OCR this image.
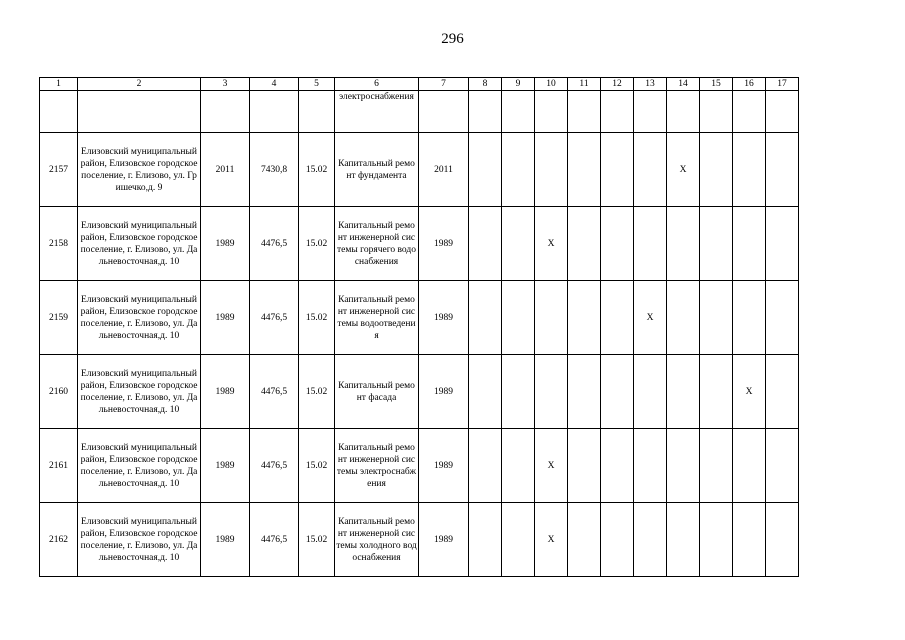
296
1	2	3	4	5	6	7	8	9	10	11	12	13	14	15	16	17
					электроснабжения											
2157	Елизовский муниципальный район, Елизовское городское поселение, г. Елизово, ул. Гришечко,д. 9	2011	7430,8	15.02	Капитальный ремонт фундамента	2011							X			
2158	Елизовский муниципальный район, Елизовское городское поселение, г. Елизово, ул. Дальневосточная,д. 10	1989	4476,5	15.02	Капитальный ремонт инженерной системы горячего водоснабжения	1989			X							
2159	Елизовский муниципальный район, Елизовское городское поселение, г. Елизово, ул. Дальневосточная,д. 10	1989	4476,5	15.02	Капитальный ремонт инженерной системы водоотведения	1989						X				
2160	Елизовский муниципальный район, Елизовское городское поселение, г. Елизово, ул. Дальневосточная,д. 10	1989	4476,5	15.02	Капитальный ремонт фасада	1989									X	
2161	Елизовский муниципальный район, Елизовское городское поселение, г. Елизово, ул. Дальневосточная,д. 10	1989	4476,5	15.02	Капитальный ремонт инженерной системы электроснабжения	1989			X							
2162	Елизовский муниципальный район, Елизовское городское поселение, г. Елизово, ул. Дальневосточная,д. 10	1989	4476,5	15.02	Капитальный ремонт инженерной системы холодного водоснабжения	1989			X							
